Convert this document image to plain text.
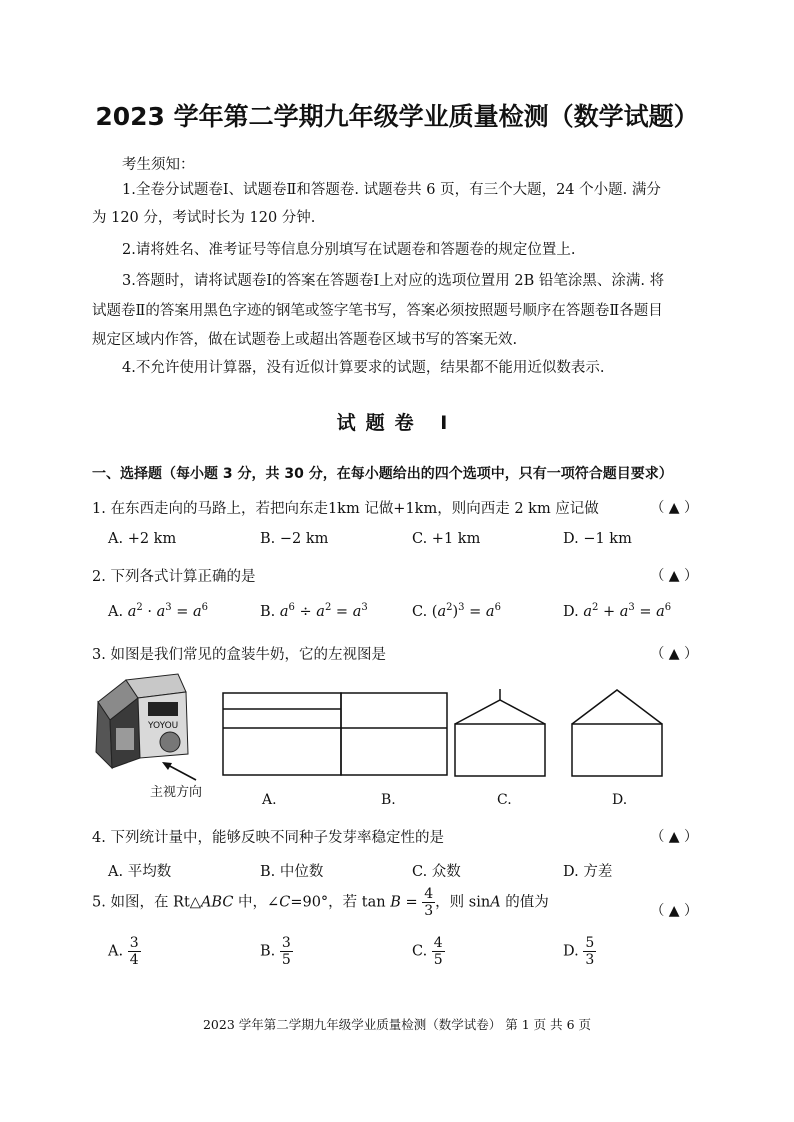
2023 学年第二学期九年级学业质量检测（数学试题）
考生须知：
1.全卷分试题卷Ⅰ、试题卷Ⅱ和答题卷. 试题卷共 6 页，有三个大题，24 个小题. 满分
为 120 分，考试时长为 120 分钟.
2.请将姓名、准考证号等信息分别填写在试题卷和答题卷的规定位置上.
3.答题时，请将试题卷Ⅰ的答案在答题卷Ⅰ上对应的选项位置用 2B 铅笔涂黑、涂满. 将
试题卷Ⅱ的答案用黑色字迹的钢笔或签字笔书写，答案必须按照题号顺序在答题卷Ⅱ各题目
规定区域内作答，做在试题卷上或超出答题卷区域书写的答案无效.
4.不允许使用计算器，没有近似计算要求的试题，结果都不能用近似数表示.
试题卷 Ⅰ
一、选择题（每小题 3 分，共 30 分，在每小题给出的四个选项中，只有一项符合题目要求）
1. 在东西走向的马路上，若把向东走1km 记做+1km，则向西走 2 km 应记做	（ ▲ ）
A. +2 km	B. −2 km	C. +1 km	D. −1 km
2. 下列各式计算正确的是	（ ▲ ）
A. $a^2 \cdot a^3 = a^6$	B. $a^6 \div a^2 = a^3$	C. $(a^2)^3 = a^6$	D. $a^2 + a^3 = a^6$
3. 如图是我们常见的盒装牛奶，它的左视图是	（ ▲ ）
YOYOU
主视方向	A.	B.	C.	D.
4. 下列统计量中，能够反映不同种子发芽率稳定性的是	（ ▲ ）
A. 平均数	B. 中位数	C. 众数	D. 方差
5. 如图，在 Rt△ABC 中，∠C=90°，若 $\tan B = \frac{4}{3}$ ，则 sinA 的值为
（ ▲ ）
A. $\frac{3}{4}$	B. $\frac{3}{5}$	C. $\frac{4}{5}$	D. $\frac{5}{3}$
2023 学年第二学期九年级学业质量检测（数学试卷） 第 1 页 共 6 页
